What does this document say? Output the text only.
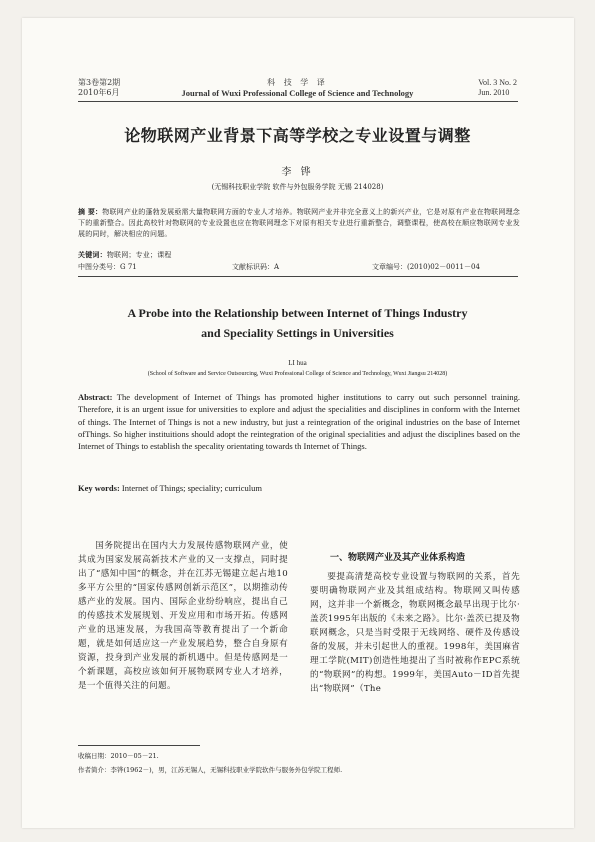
第3卷第2期
2010年6月
科 技 学 译
Journal of Wuxi Professional College of Science and Technology
Vol. 3 No. 2
Jun. 2010
论物联网产业背景下高等学校之专业设置与调整
李 铧
(无锡科技职业学院 软件与外包服务学院 无锡 214028)
摘 要：物联网产业的蓬勃发展亟需大量物联网方面的专业人才培养。物联网产业并非完全意义上的新兴产业，它是对原有产业在物联网理念下的重新整合。因此高校针对物联网的专业设置也应在物联网理念下对原有相关专业进行重新整合，调整课程，使高校在顺应物联网专业发展的同时，解决相应的问题。
关键词：物联网；专业；课程
中图分类号：G 71	文献标识码：A	文章编号：(2010)02－0011－04
A Probe into the Relationship between Internet of Things Industry
and Speciality Settings in Universities
LI hua
(School of Software and Service Outsourcing, Wuxi Professional College of Science and Technology, Wuxi Jiangsu 214028)
Abstract: The development of Internet of Things has promoted higher institutions to carry out such personnel training. Therefore, it is an urgent issue for universities to explore and adjust the specialities and disciplines in conform with the Internet of things. The Internet of Things is not a new industry, but just a reintegration of the original industries on the base of Internet ofThings. So higher instituitions should adopt the reintegration of the original specialities and adjust the disciplines based on the Internet of Things to establish the specality orientating towards th Internet of Things.
Key words: Internet of Things; speciality; curriculum
国务院提出在国内大力发展传感物联网产业，使其成为国家发展高新技术产业的又一支撑点，同时提出了“感知中国”的概念，并在江苏无锡建立起占地10多平方公里的“国家传感网创新示范区”，以期推动传感产业的发展。国内、国际企业纷纷响应，提出自己的传感技术发展规划、开发应用和市场开拓。传感网产业的迅速发展，为我国高等教育提出了一个新命题，就是如何适应这一产业发展趋势，整合自身原有资源，投身到产业发展的新机遇中。但是传感网是一个新课题，高校应该如何开展物联网专业人才培养，是一个值得关注的问题。
一、物联网产业及其产业体系构造
要提高清楚高校专业设置与物联网的关系，首先要明确物联网产业及其组成结构。物联网又叫传感网，这并非一个新概念，物联网概念最早出现于比尔·盖茨1995年出版的《未来之路》。比尔·盖茨已提及物联网概念，只是当时受限于无线网络、硬件及传感设备的发展，并未引起世人的重视。1998年，美国麻省理工学院(MIT)创造性地提出了当时被称作EPC系统的“物联网”的构想。1999年，美国Auto－ID首先提出“物联网”（The
收稿日期：2010－05－21.
作者简介：李铧(1962－)，男，江苏无锡人，无锡科技职业学院软件与服务外包学院工程师.
